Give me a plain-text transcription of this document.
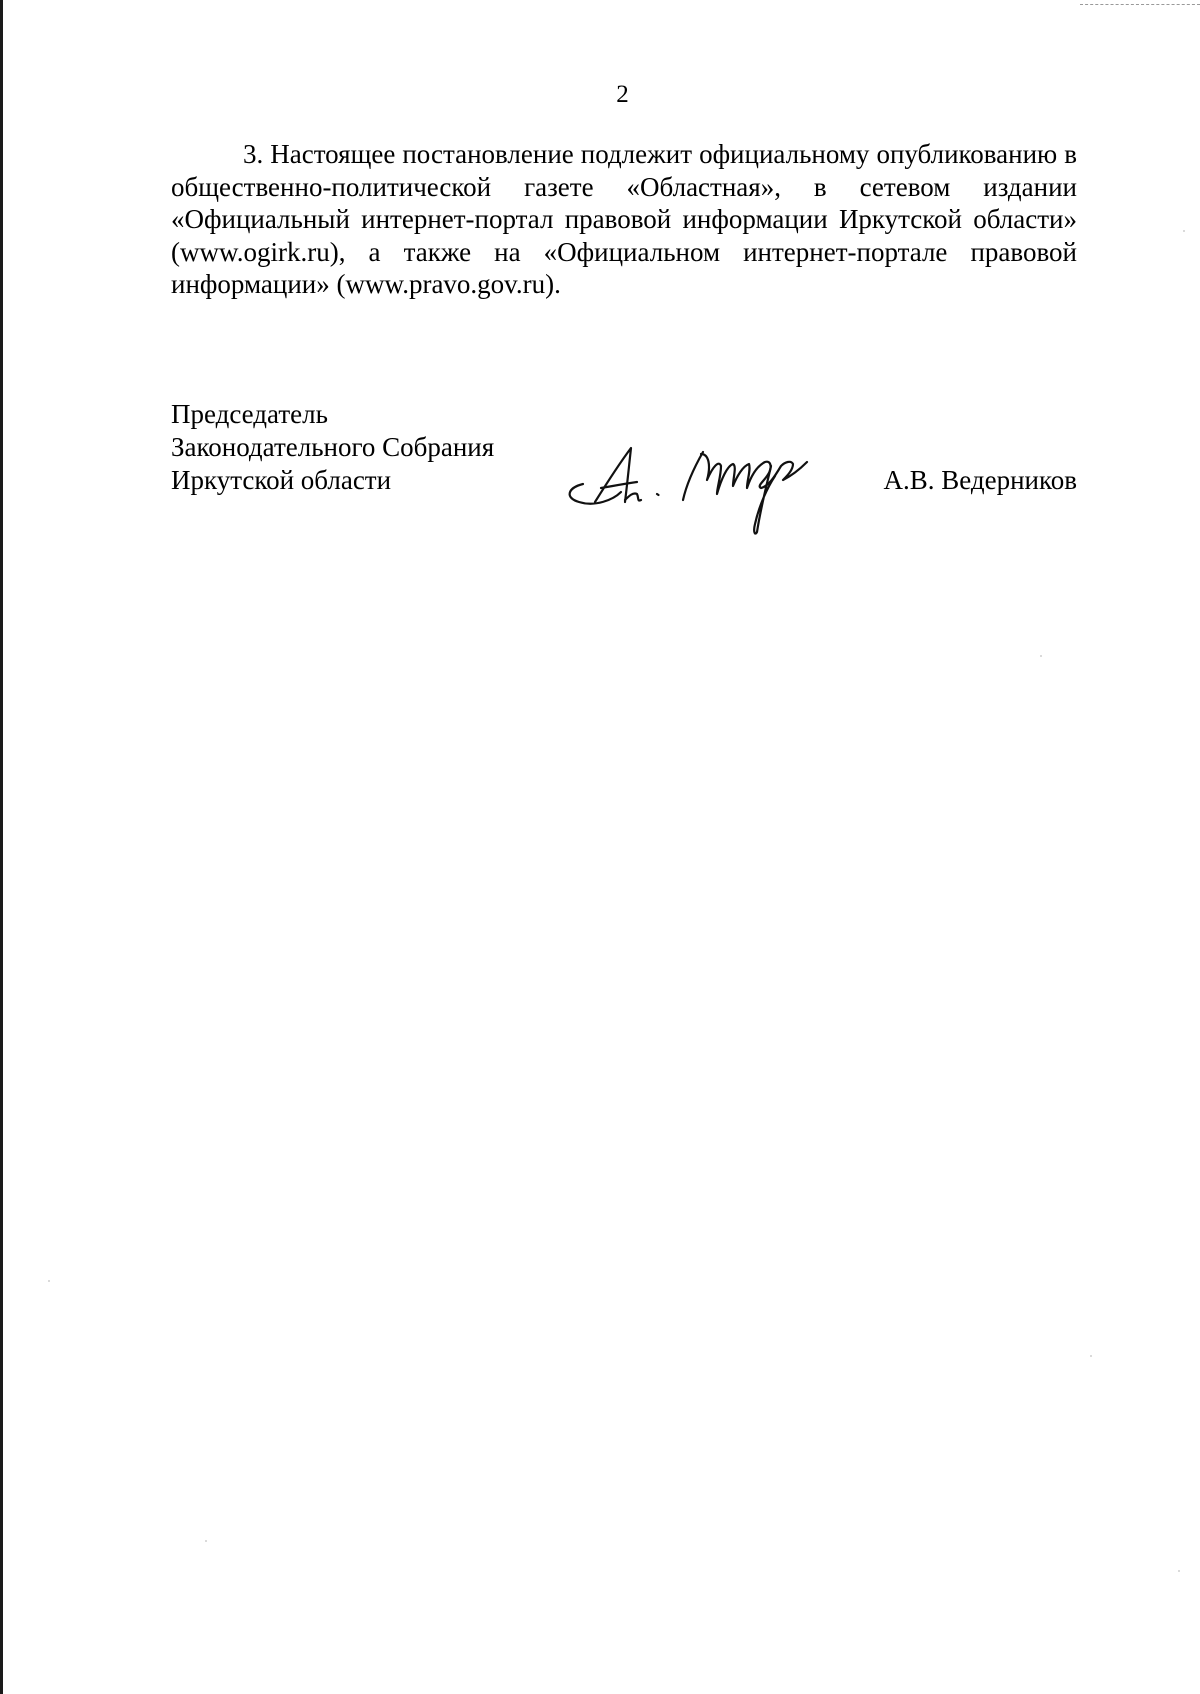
2

3. Настоящее постановление подлежит официальному опубликованию в общественно-политической газете «Областная», в сетевом издании «Официальный интернет-портал правовой информации Иркутской области» (www.ogirk.ru), а также на «Официальном интернет-портале правовой информации» (www.pravo.gov.ru).

Председатель
Законодательного Собрания
Иркутской области	А.В. Ведерников
